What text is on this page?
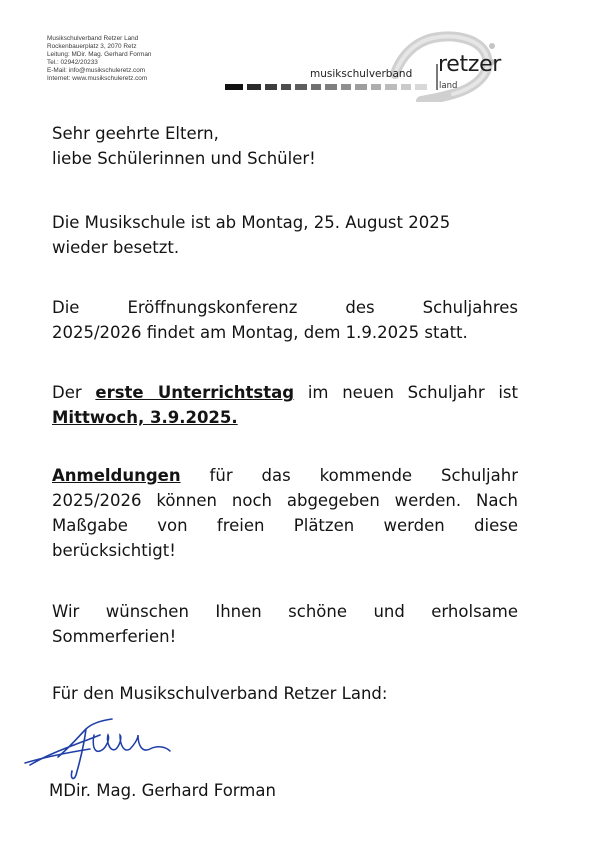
Musikschulverband Retzer Land
Rockenbauerplatz 3, 2070 Retz
Leitung: MDir. Mag. Gerhard Forman
Tel.: 02942/20233
E-Mail: info@musikschuleretz.com
Internet: www.musikschuleretz.com	musikschulverband retzer
land
Sehr geehrte Eltern,
liebe Schülerinnen und Schüler!
Die Musikschule ist ab Montag, 25. August 2025
wieder besetzt.
Die Eröffnungskonferenz des Schuljahres
2025/2026 findet am Montag, dem 1.9.2025 statt.
Der erste Unterrichtstag im neuen Schuljahr ist
Mittwoch, 3.9.2025.
Anmeldungen für das kommende Schuljahr
2025/2026 können noch abgegeben werden. Nach
Maßgabe von freien Plätzen werden diese
berücksichtigt!
Wir wünschen Ihnen schöne und erholsame
Sommerferien!
Für den Musikschulverband Retzer Land:
MDir. Mag. Gerhard Forman
